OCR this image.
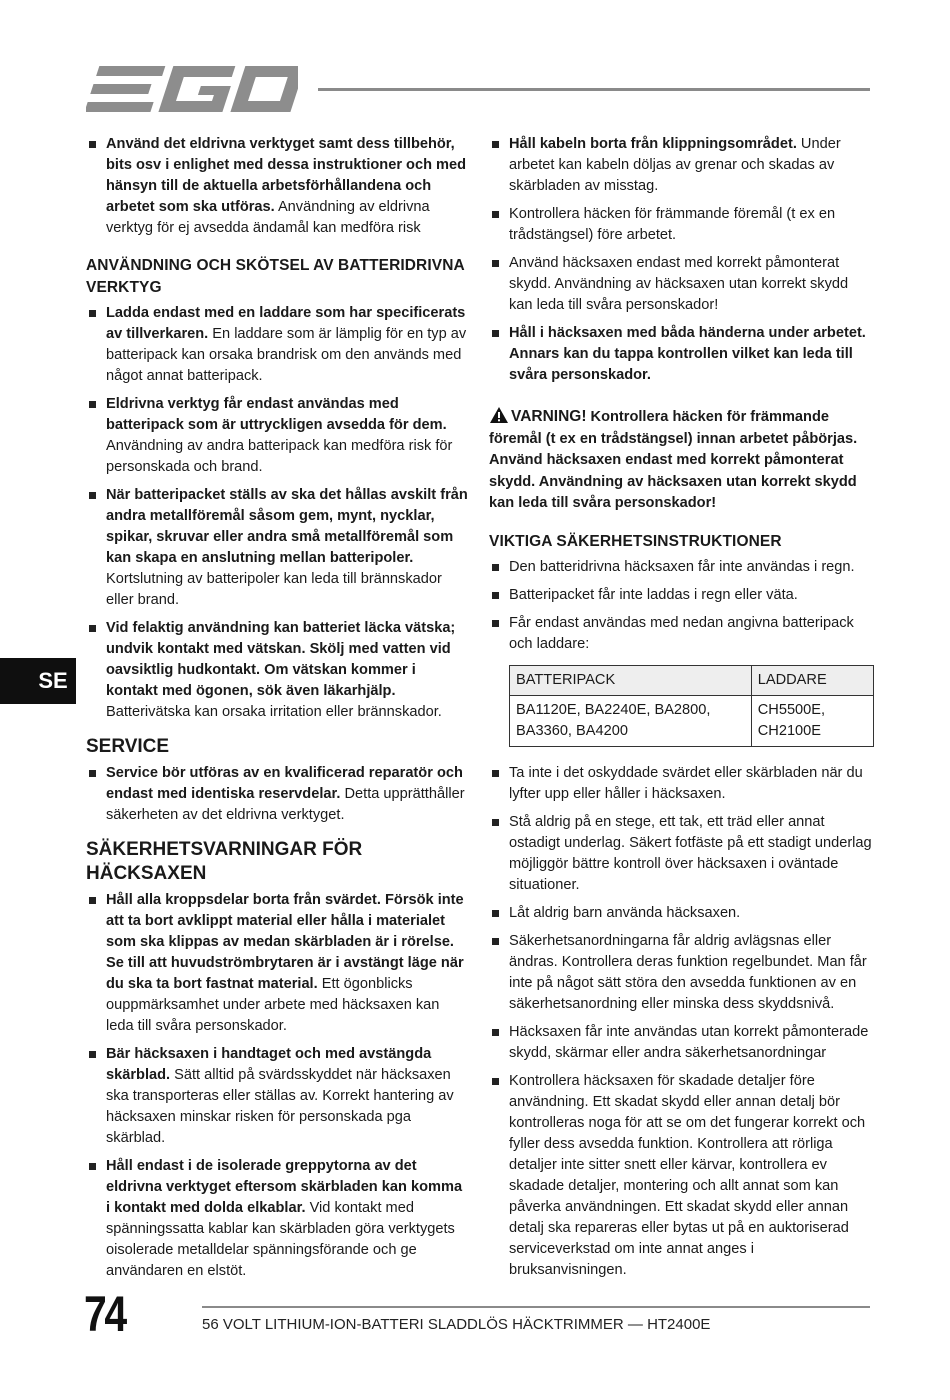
Använd det eldrivna verktyget samt dess tillbehör, bits osv i enlighet med dessa instruktioner och med hänsyn till de aktuella arbetsförhållandena och arbetet som ska utföras. Användning av eldrivna verktyg för ej avsedda ändamål kan medföra risk
ANVÄNDNING OCH SKÖTSEL AV BATTERIDRIVNA VERKTYG
Ladda endast med en laddare som har specificerats av tillverkaren. En laddare som är lämplig för en typ av batteripack kan orsaka brandrisk om den används med något annat batteripack.
Eldrivna verktyg får endast användas med batteripack som är uttryckligen avsedda för dem. Användning av andra batteripack kan medföra risk för personskada och brand.
När batteripacket ställs av ska det hållas avskilt från andra metallföremål såsom gem, mynt, nycklar, spikar, skruvar eller andra små metallföremål som kan skapa en anslutning mellan batteripoler. Kortslutning av batteripoler kan leda till brännskador eller brand.
Vid felaktig användning kan batteriet läcka vätska; undvik kontakt med vätskan. Skölj med vatten vid oavsiktlig hudkontakt. Om vätskan kommer i kontakt med ögonen, sök även läkarhjälp. Batterivätska kan orsaka irritation eller brännskador.
SERVICE
Service bör utföras av en kvalificerad reparatör och endast med identiska reservdelar. Detta upprätthåller säkerheten av det eldrivna verktyget.
SÄKERHETSVARNINGAR FÖR HÄCKSAXEN
Håll alla kroppsdelar borta från svärdet. Försök inte att ta bort avklippt material eller hålla i materialet som ska klippas av medan skärbladen är i rörelse. Se till att huvudströmbrytaren är i avstängt läge när du ska ta bort fastnat material. Ett ögonblicks ouppmärksamhet under arbete med häcksaxen kan leda till svåra personskador.
Bär häcksaxen i handtaget och med avstängda skärblad. Sätt alltid på svärdsskyddet när häcksaxen ska transporteras eller ställas av. Korrekt hantering av häcksaxen minskar risken för personskada pga skärblad.
Håll endast i de isolerade greppytorna av det eldrivna verktyget eftersom skärbladen kan komma i kontakt med dolda elkablar. Vid kontakt med spänningssatta kablar kan skärbladen göra verktygets oisolerade metalldelar spänningsförande och ge användaren en elstöt.
Håll kabeln borta från klippningsområdet. Under arbetet kan kabeln döljas av grenar och skadas av skärbladen av misstag.
Kontrollera häcken för främmande föremål (t ex en trådstängsel) före arbetet.
Använd häcksaxen endast med korrekt påmonterat skydd. Användning av häcksaxen utan korrekt skydd kan leda till svåra personskador!
Håll i häcksaxen med båda händerna under arbetet. Annars kan du tappa kontrollen vilket kan leda till svåra personskador.
VARNING! Kontrollera häcken för främmande föremål (t ex en trådstängsel) innan arbetet påbörjas. Använd häcksaxen endast med korrekt påmonterat skydd. Användning av häcksaxen utan korrekt skydd kan leda till svåra personskador!
VIKTIGA SÄKERHETSINSTRUKTIONER
Den batteridrivna häcksaxen får inte användas i regn.
Batteripacket får inte laddas i regn eller väta.
Får endast användas med nedan angivna batteripack och laddare:
BATTERIPACK	LADDARE
BA1120E, BA2240E, BA2800, BA3360, BA4200	CH5500E, CH2100E
Ta inte i det oskyddade svärdet eller skärbladen när du lyfter upp eller håller i häcksaxen.
Stå aldrig på en stege, ett tak, ett träd eller annat ostadigt underlag. Säkert fotfäste på ett stadigt underlag möjliggör bättre kontroll över häcksaxen i oväntade situationer.
Låt aldrig barn använda häcksaxen.
Säkerhetsanordningarna får aldrig avlägsnas eller ändras. Kontrollera deras funktion regelbundet. Man får inte på något sätt störa den avsedda funktionen av en säkerhetsanordning eller minska dess skyddsnivå.
Häcksaxen får inte användas utan korrekt påmonterade skydd, skärmar eller andra säkerhetsanordningar
Kontrollera häcksaxen för skadade detaljer före användning. Ett skadat skydd eller annan detalj bör kontrolleras noga för att se om det fungerar korrekt och fyller dess avsedda funktion. Kontrollera att rörliga detaljer inte sitter snett eller kärvar, kontrollera ev skadade detaljer, montering och allt annat som kan påverka användningen. Ett skadat skydd eller annan detalj ska repareras eller bytas ut på en auktoriserad serviceverkstad om inte annat anges i bruksanvisningen.
SE
74	56 VOLT LITHIUM-ION-BATTERI SLADDLÖS HÄCKTRIMMER — HT2400E
